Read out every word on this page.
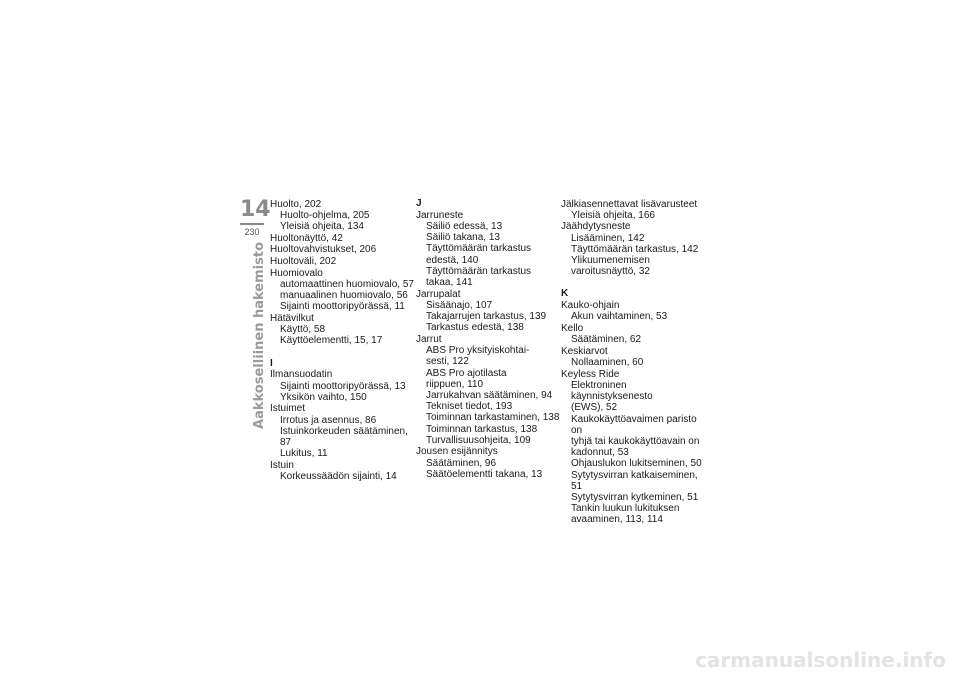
14
230
Aakkoselliinen hakemisto
Huolto, 202
Huolto-ohjelma, 205
Yleisiä ohjeita, 134
Huoltonäyttö, 42
Huoltovahvistukset, 206
Huoltoväli, 202
Huomiovalo
automaattinen huomiovalo, 57
manuaalinen huomiovalo, 56
Sijainti moottoripyörässä, 11
Hätävilkut
Käyttö, 58
Käyttöelementti, 15, 17
I
Ilmansuodatin
Sijainti moottoripyörässä, 13
Yksikön vaihto, 150
Istuimet
Irrotus ja asennus, 86
Istuinkorkeuden säätäminen, 87
Lukitus, 11
Istuin
Korkeussäädön sijainti, 14
J
Jarruneste
Säiliö edessä, 13
Säiliö takana, 13
Täyttömäärän tarkastus
edestä, 140
Täyttömäärän tarkastus
takaa, 141
Jarrupalat
Sisäänajo, 107
Takajarrujen tarkastus, 139
Tarkastus edestä, 138
Jarrut
ABS Pro yksityiskohtai-
sesti, 122
ABS Pro ajotilasta
riippuen, 110
Jarrukahvan säätäminen, 94
Tekniset tiedot, 193
Toiminnan tarkastaminen, 138
Toiminnan tarkastus, 138
Turvallisuusohjeita, 109
Jousen esijännitys
Säätäminen, 96
Säätöelementti takana, 13
Jälkiasennettavat lisävarusteet
Yleisiä ohjeita, 166
Jäähdytysneste
Lisääminen, 142
Täyttömäärän tarkastus, 142
Ylikuumenemisen
varoitusnäyttö, 32
K
Kauko-ohjain
Akun vaihtaminen, 53
Kello
Säätäminen, 62
Keskiarvot
Nollaaminen, 60
Keyless Ride
Elektroninen käynnistyksenesto
(EWS), 52
Kaukokäyttöavaimen paristo on
tyhjä tai kaukokäyttöavain on
kadonnut, 53
Ohjauslukon lukitseminen, 50
Sytytysvirran katkaiseminen, 51
Sytytysvirran kytkeminen, 51
Tankin luukun lukituksen
avaaminen, 113, 114
carmanualsonline.info
